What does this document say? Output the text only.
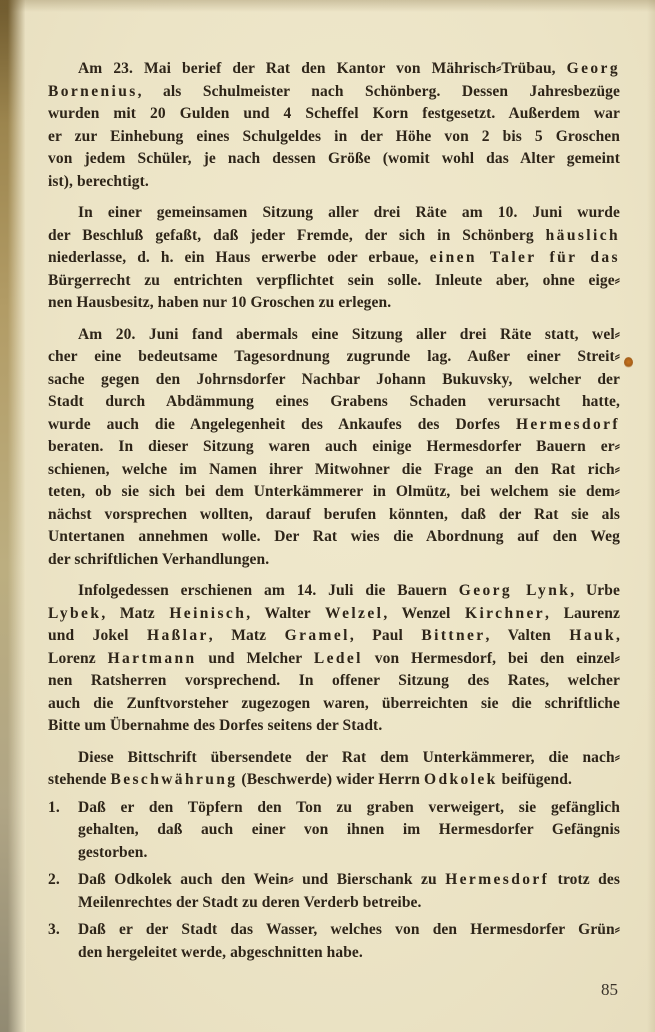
Am 23. Mai berief der Rat den Kantor von Mährisch⸗Trübau, Georg
Bornenius, als Schulmeister nach Schönberg. Dessen Jahresbezüge
wurden mit 20 Gulden und 4 Scheffel Korn festgesetzt. Außerdem war
er zur Einhebung eines Schulgeldes in der Höhe von 2 bis 5 Groschen
von jedem Schüler, je nach dessen Größe (womit wohl das Alter gemeint
ist), berechtigt.
In einer gemeinsamen Sitzung aller drei Räte am 10. Juni wurde
der Beschluß gefaßt, daß jeder Fremde, der sich in Schönberg häuslich
niederlasse, d. h. ein Haus erwerbe oder erbaue, einen Taler für das
Bürgerrecht zu entrichten verpflichtet sein solle. Inleute aber, ohne eige⸗
nen Hausbesitz, haben nur 10 Groschen zu erlegen.
Am 20. Juni fand abermals eine Sitzung aller drei Räte statt, wel⸗
cher eine bedeutsame Tagesordnung zugrunde lag. Außer einer Streit⸗
sache gegen den Johrnsdorfer Nachbar Johann Bukuvsky, welcher der
Stadt durch Abdämmung eines Grabens Schaden verursacht hatte,
wurde auch die Angelegenheit des Ankaufes des Dorfes Hermesdorf
beraten. In dieser Sitzung waren auch einige Hermesdorfer Bauern er⸗
schienen, welche im Namen ihrer Mitwohner die Frage an den Rat rich⸗
teten, ob sie sich bei dem Unterkämmerer in Olmütz, bei welchem sie dem⸗
nächst vorsprechen wollten, darauf berufen könnten, daß der Rat sie als
Untertanen annehmen wolle. Der Rat wies die Abordnung auf den Weg
der schriftlichen Verhandlungen.
Infolgedessen erschienen am 14. Juli die Bauern Georg Lynk, Urbe
Lybek, Matz Heinisch, Walter Welzel, Wenzel Kirchner, Laurenz
und Jokel Haßlar, Matz Gramel, Paul Bittner, Valten Hauk,
Lorenz Hartmann und Melcher Ledel von Hermesdorf, bei den einzel⸗
nen Ratsherren vorsprechend. In offener Sitzung des Rates, welcher
auch die Zunftvorsteher zugezogen waren, überreichten sie die schriftliche
Bitte um Übernahme des Dorfes seitens der Stadt.
Diese Bittschrift übersendete der Rat dem Unterkämmerer, die nach⸗
stehende Beschwährung (Beschwerde) wider Herrn Odkolek beifügend.
1. Daß er den Töpfern den Ton zu graben verweigert, sie gefänglich
gehalten, daß auch einer von ihnen im Hermesdorfer Gefängnis
gestorben.
2. Daß Odkolek auch den Wein⸗ und Bierschank zu Hermesdorf trotz des
Meilenrechtes der Stadt zu deren Verderb betreibe.
3. Daß er der Stadt das Wasser, welches von den Hermesdorfer Grün⸗
den hergeleitet werde, abgeschnitten habe.
85
